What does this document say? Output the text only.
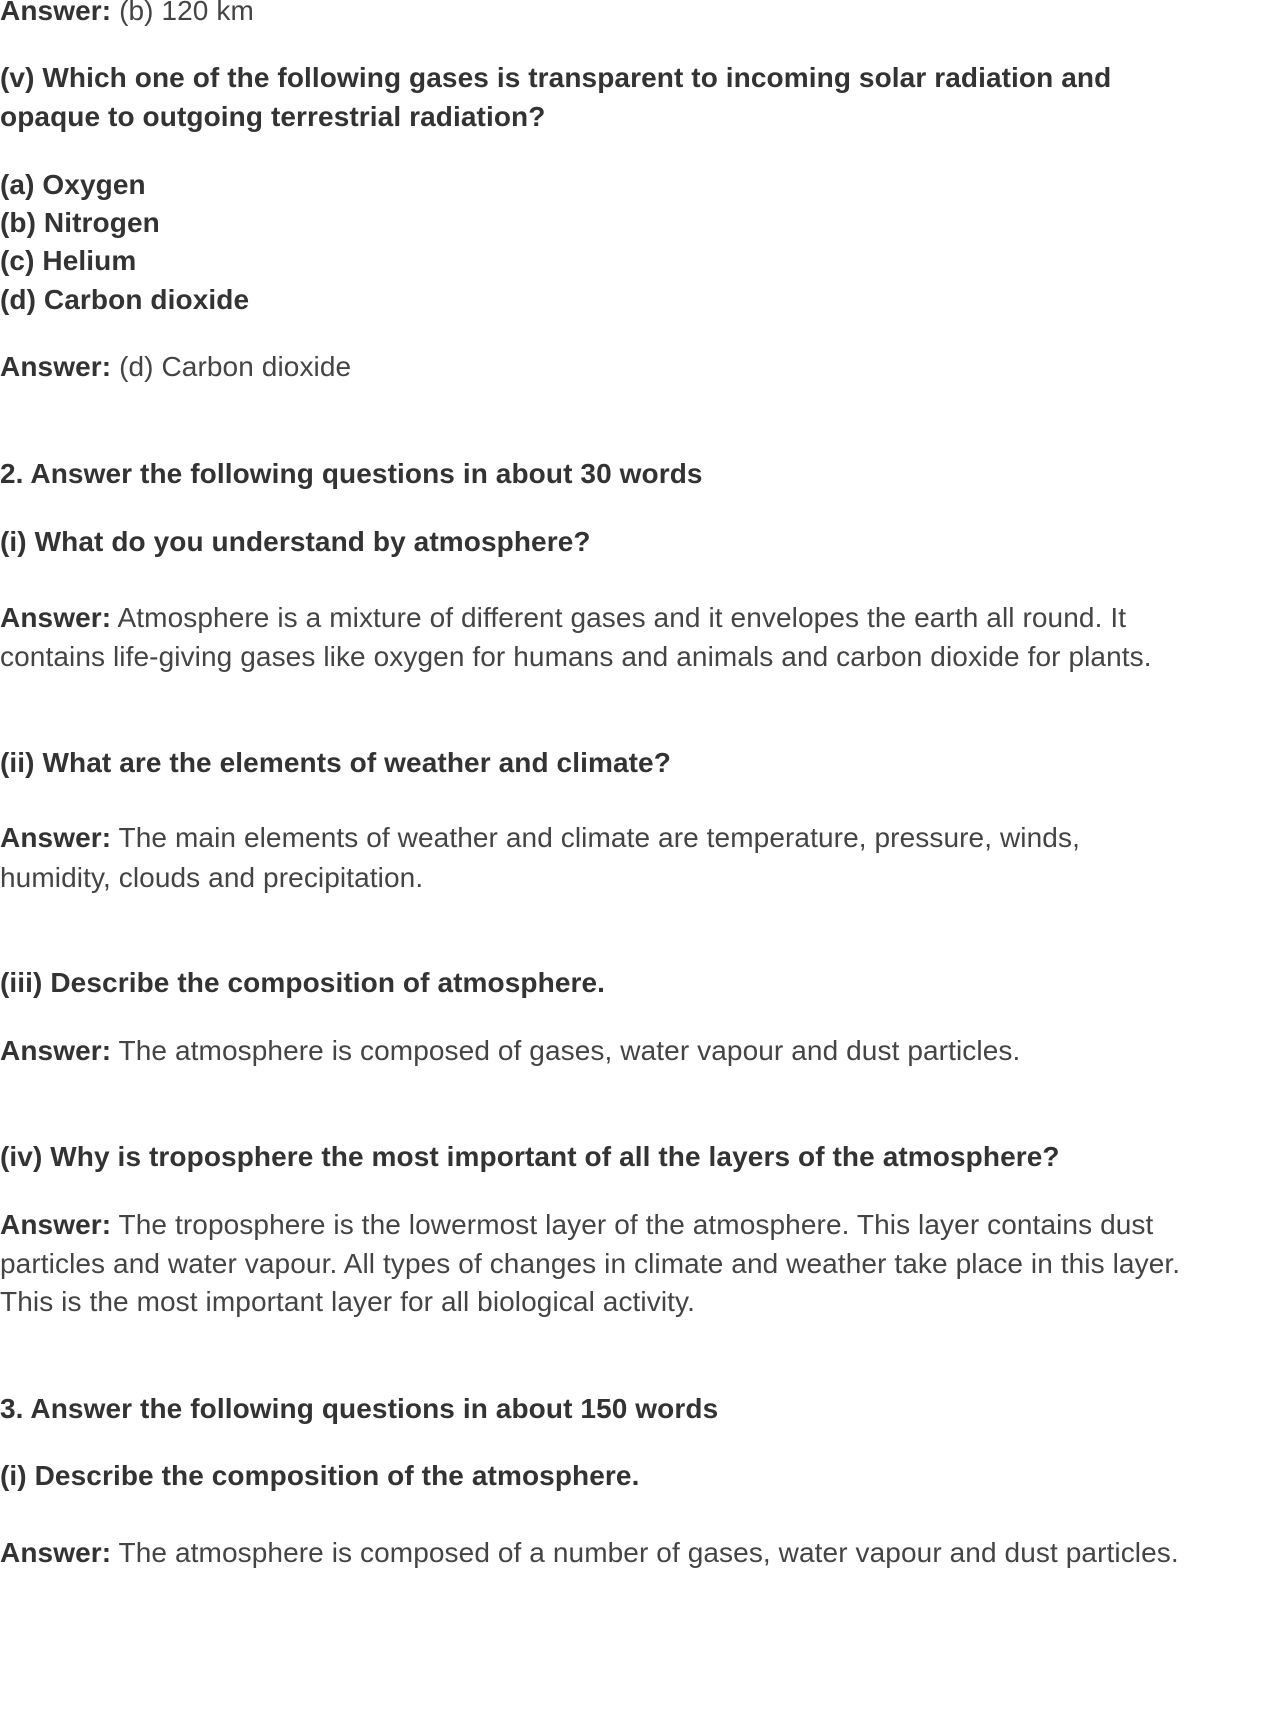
Answer: (b) 120 km
(v) Which one of the following gases is transparent to incoming solar radiation and
opaque to outgoing terrestrial radiation?
(a) Oxygen
(b) Nitrogen
(c) Helium
(d) Carbon dioxide
Answer: (d) Carbon dioxide
2. Answer the following questions in about 30 words
(i) What do you understand by atmosphere?
Answer: Atmosphere is a mixture of different gases and it envelopes the earth all round. It
contains life-giving gases like oxygen for humans and animals and carbon dioxide for plants.
(ii) What are the elements of weather and climate?
Answer: The main elements of weather and climate are temperature, pressure, winds,
humidity, clouds and precipitation.
(iii) Describe the composition of atmosphere.
Answer: The atmosphere is composed of gases, water vapour and dust particles.
(iv) Why is troposphere the most important of all the layers of the atmosphere?
Answer: The troposphere is the lowermost layer of the atmosphere. This layer contains dust
particles and water vapour. All types of changes in climate and weather take place in this layer.
This is the most important layer for all biological activity.
3. Answer the following questions in about 150 words
(i) Describe the composition of the atmosphere.
Answer: The atmosphere is composed of a number of gases, water vapour and dust particles.
